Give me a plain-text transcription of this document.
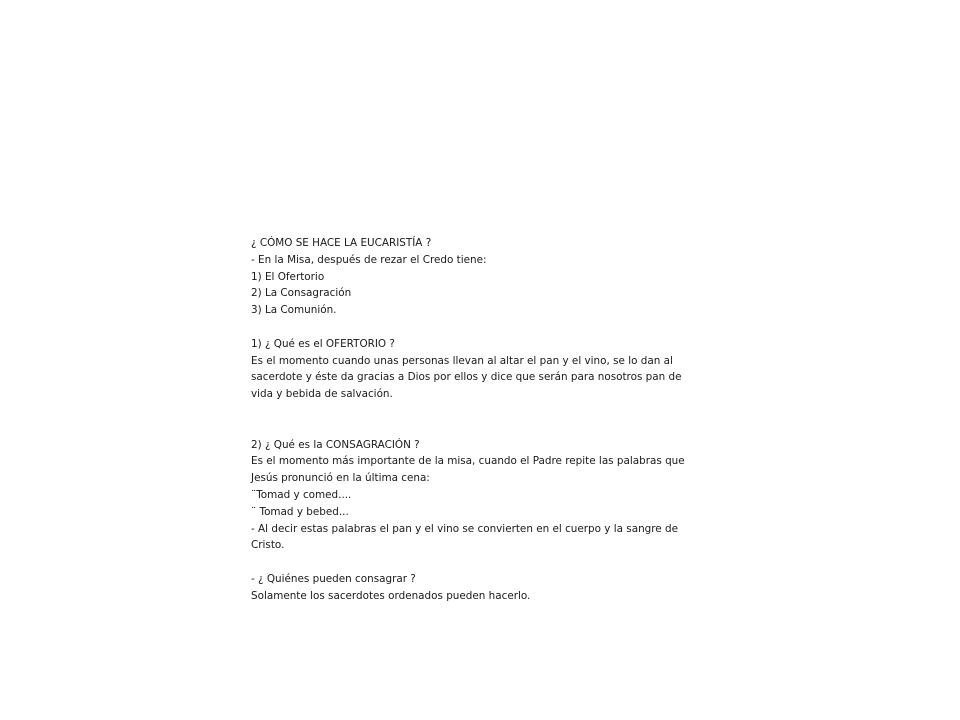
¿ CÓMO SE HACE LA EUCARISTÍA ?
- En la Misa, después de rezar el Credo tiene:
1) El Ofertorio
2) La Consagración
3) La Comunión.
1) ¿ Qué es el OFERTORIO ?
Es el momento cuando unas personas llevan al altar el pan y el vino, se lo dan al
sacerdote y éste da gracias a Dios por ellos y dice que serán para nosotros pan de
vida y bebida de salvación.
2) ¿ Qué es la CONSAGRACIÓN ?
Es el momento más importante de la misa, cuando el Padre repite las palabras que
Jesús pronunció en la última cena:
¨Tomad y comed....
¨ Tomad y bebed...
- Al decir estas palabras el pan y el vino se convierten en el cuerpo y la sangre de
Cristo.
- ¿ Quiénes pueden consagrar ?
Solamente los sacerdotes ordenados pueden hacerlo.
